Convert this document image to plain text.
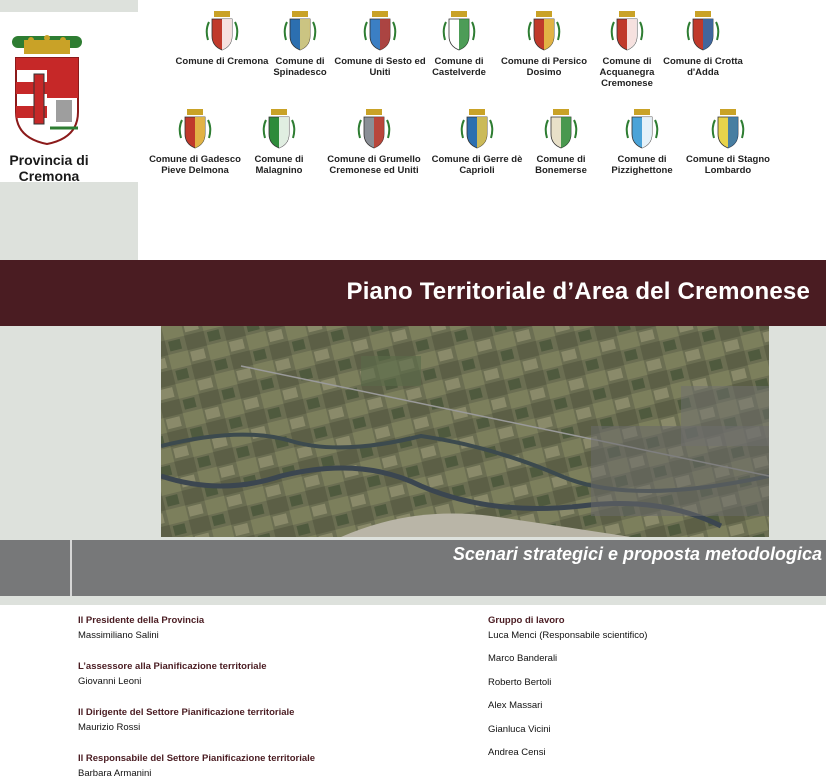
Provincia di Cremona
Comune di Cremona Comune di Spinadesco
Comune di Sesto ed Uniti
Comune di Castelverde
Comune di Persico Dosimo
Comune di Acquanegra Cremonese
Comune di Crotta d'Adda
Comune di Gadesco Pieve Delmona
Comune di Malagnino
Comune di Grumello Cremonese ed Uniti
Comune di Gerre dè Caprioli
Comune di Bonemerse
Comune di Pizzighettone
Comune di Stagno Lombardo
Piano Territoriale d’Area del Cremonese
Scenari strategici e proposta metodologica
Il Presidente della Provincia
Massimiliano Salini
L’assessore alla Pianificazione territoriale
Giovanni Leoni
Il Dirigente del Settore Pianificazione territoriale
Maurizio Rossi
Il Responsabile del Settore Pianificazione territoriale
Barbara Armanini
Gruppo di lavoro
Luca Menci (Responsabile scientifico)
Marco Banderali
Roberto Bertoli
Alex Massari
Gianluca Vicini
Andrea Censi
